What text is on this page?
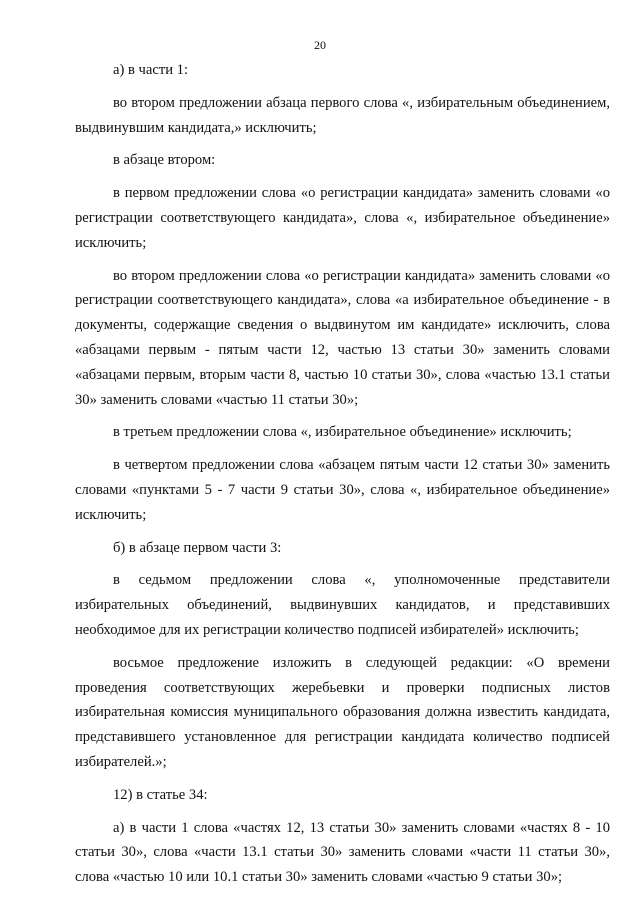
20

а) в части 1:

во втором предложении абзаца первого слова «, избирательным объединением, выдвинувшим кандидата,» исключить;

в абзаце втором:

в первом предложении слова «о регистрации кандидата» заменить словами «о регистрации соответствующего кандидата», слова «, избирательное объединение» исключить;

во втором предложении слова «о регистрации кандидата» заменить словами «о регистрации соответствующего кандидата», слова «а избирательное объединение - в документы, содержащие сведения о выдвинутом им кандидате» исключить, слова «абзацами первым - пятым части 12, частью 13 статьи 30» заменить словами «абзацами первым, вторым части 8, частью 10 статьи 30», слова «частью 13.1 статьи 30» заменить словами «частью 11 статьи 30»;

в третьем предложении слова «, избирательное объединение» исключить;

в четвертом предложении слова «абзацем пятым части 12 статьи 30» заменить словами «пунктами 5 - 7 части 9 статьи 30», слова «, избирательное объединение» исключить;

б) в абзаце первом части 3:

в седьмом предложении слова «, уполномоченные представители избирательных объединений, выдвинувших кандидатов, и представивших необходимое для их регистрации количество подписей избирателей» исключить;

восьмое предложение изложить в следующей редакции: «О времени проведения соответствующих жеребьевки и проверки подписных листов избирательная комиссия муниципального образования должна известить кандидата, представившего установленное для регистрации кандидата количество подписей избирателей.»;

12) в статье 34:

а) в части 1 слова «частях 12, 13 статьи 30» заменить словами «частях 8 - 10 статьи 30», слова «части 13.1 статьи 30» заменить словами «части 11 статьи 30», слова «частью 10 или 10.1 статьи 30» заменить словами «частью 9 статьи 30»;
